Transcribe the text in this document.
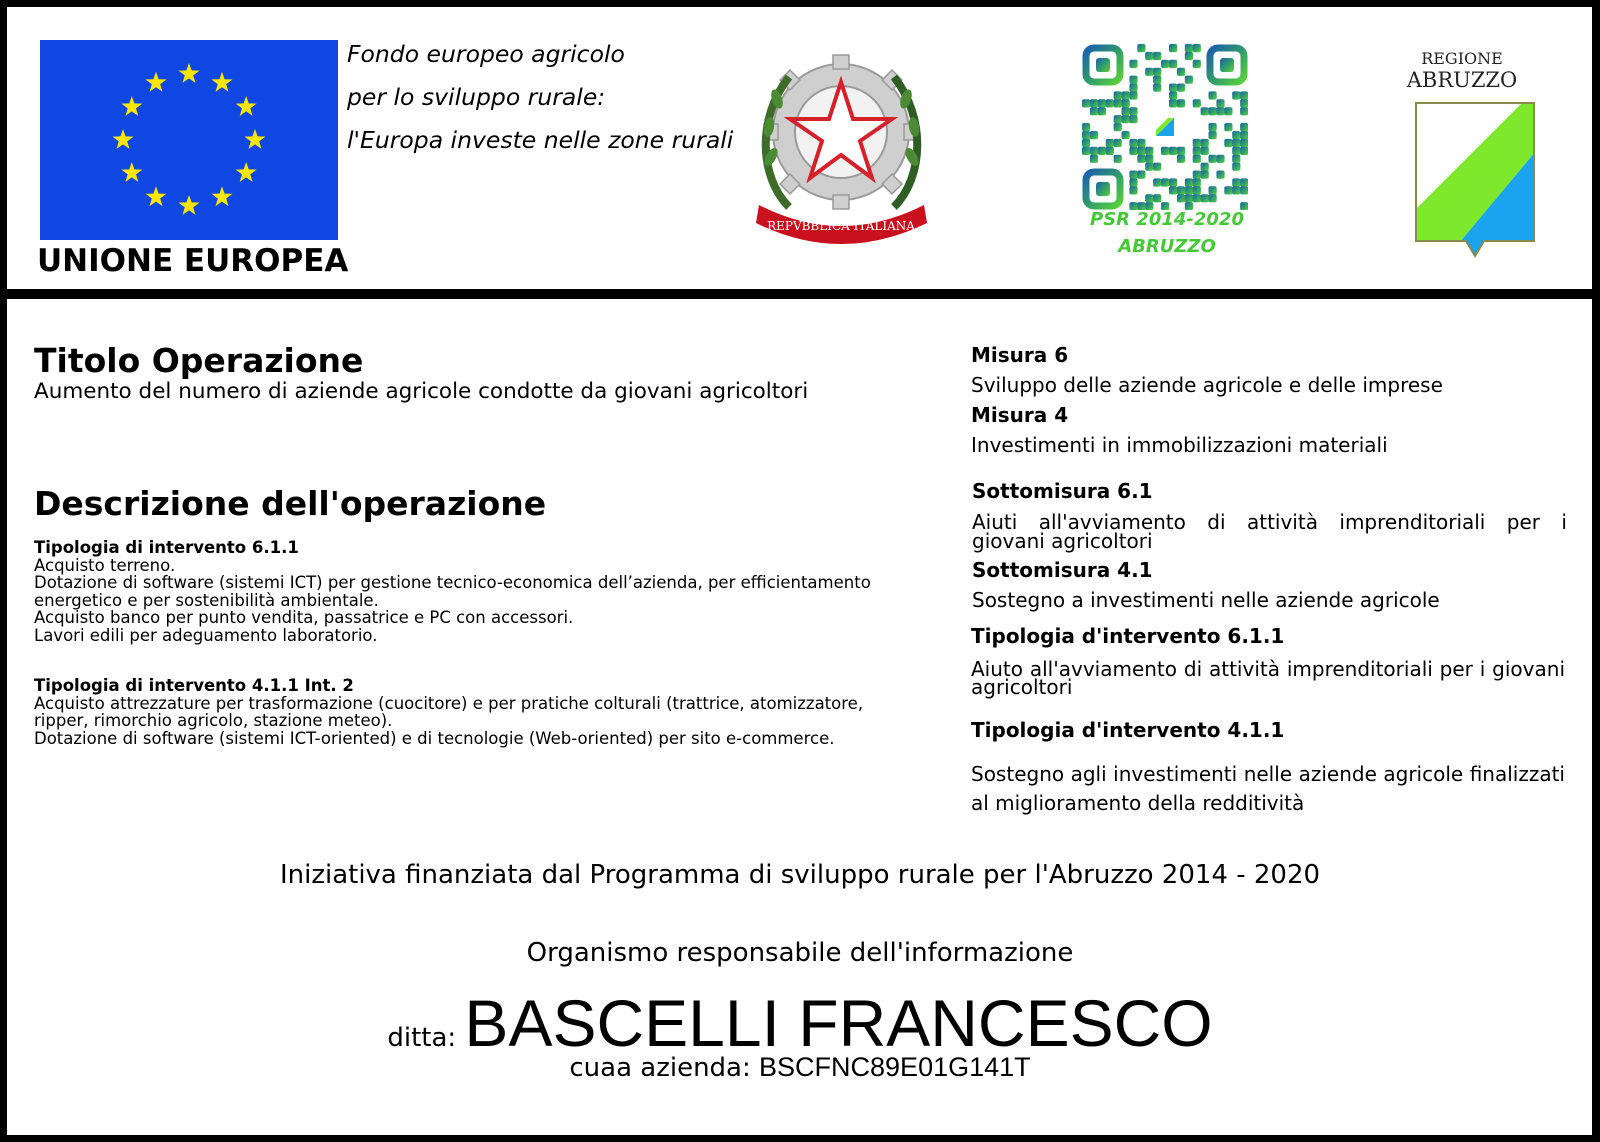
UNIONE EUROPEA
Fondo europeo agricolo
per lo sviluppo rurale:
l'Europa investe nelle zone rurali
REPVBBLICA ITALIANA	PSR 2014-2020
ABRUZZO
REGIONE
ABRUZZO
Titolo Operazione
Aumento del numero di aziende agricole condotte da giovani agricoltori
Descrizione dell'operazione
Tipologia di intervento 6.1.1
Acquisto terreno.
Dotazione di software (sistemi ICT) per gestione tecnico-economica dell’azienda, per efficientamento
energetico e per sostenibilità ambientale.
Acquisto banco per punto vendita, passatrice e PC con accessori.
Lavori edili per adeguamento laboratorio.
Tipologia di intervento 4.1.1 Int. 2
Acquisto attrezzature per trasformazione (cuocitore) e per pratiche colturali (trattrice, atomizzatore,
ripper, rimorchio agricolo, stazione meteo).
Dotazione di software (sistemi ICT-oriented) e di tecnologie (Web-oriented) per sito e-commerce.
Misura 6
Sviluppo delle aziende agricole e delle imprese
Misura 4
Investimenti in immobilizzazioni materiali
Sottomisura 6.1
Aiuti all'avviamento di attività imprenditoriali per i
giovani agricoltori
Sottomisura 4.1
Sostegno a investimenti nelle aziende agricole
Tipologia d'intervento 6.1.1
Aiuto all'avviamento di attività imprenditoriali per i giovani
agricoltori
Tipologia d'intervento 4.1.1
Sostegno agli investimenti nelle aziende agricole finalizzati
al miglioramento della redditività
Iniziativa finanziata dal Programma di sviluppo rurale per l'Abruzzo 2014 - 2020
Organismo responsabile dell'informazione
ditta: BASCELLI FRANCESCO
cuaa azienda: BSCFNC89E01G141T
